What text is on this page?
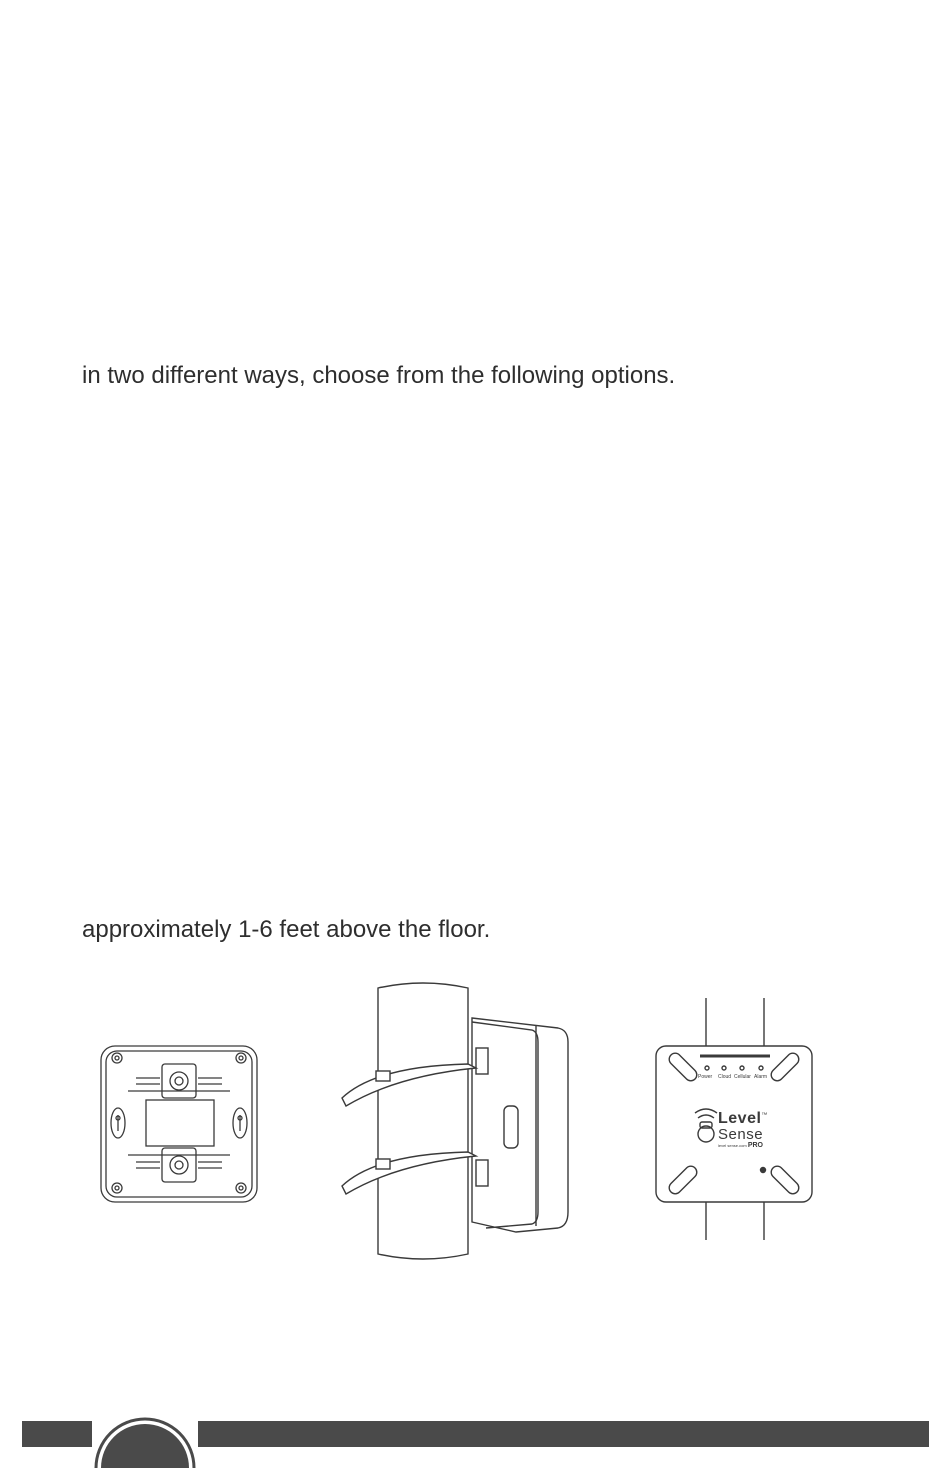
in two different ways, choose from the following options.

approximately 1-6 feet above the floor.

Power Cloud Cellular Alarm
Level™
Sense
level sense.com PRO
